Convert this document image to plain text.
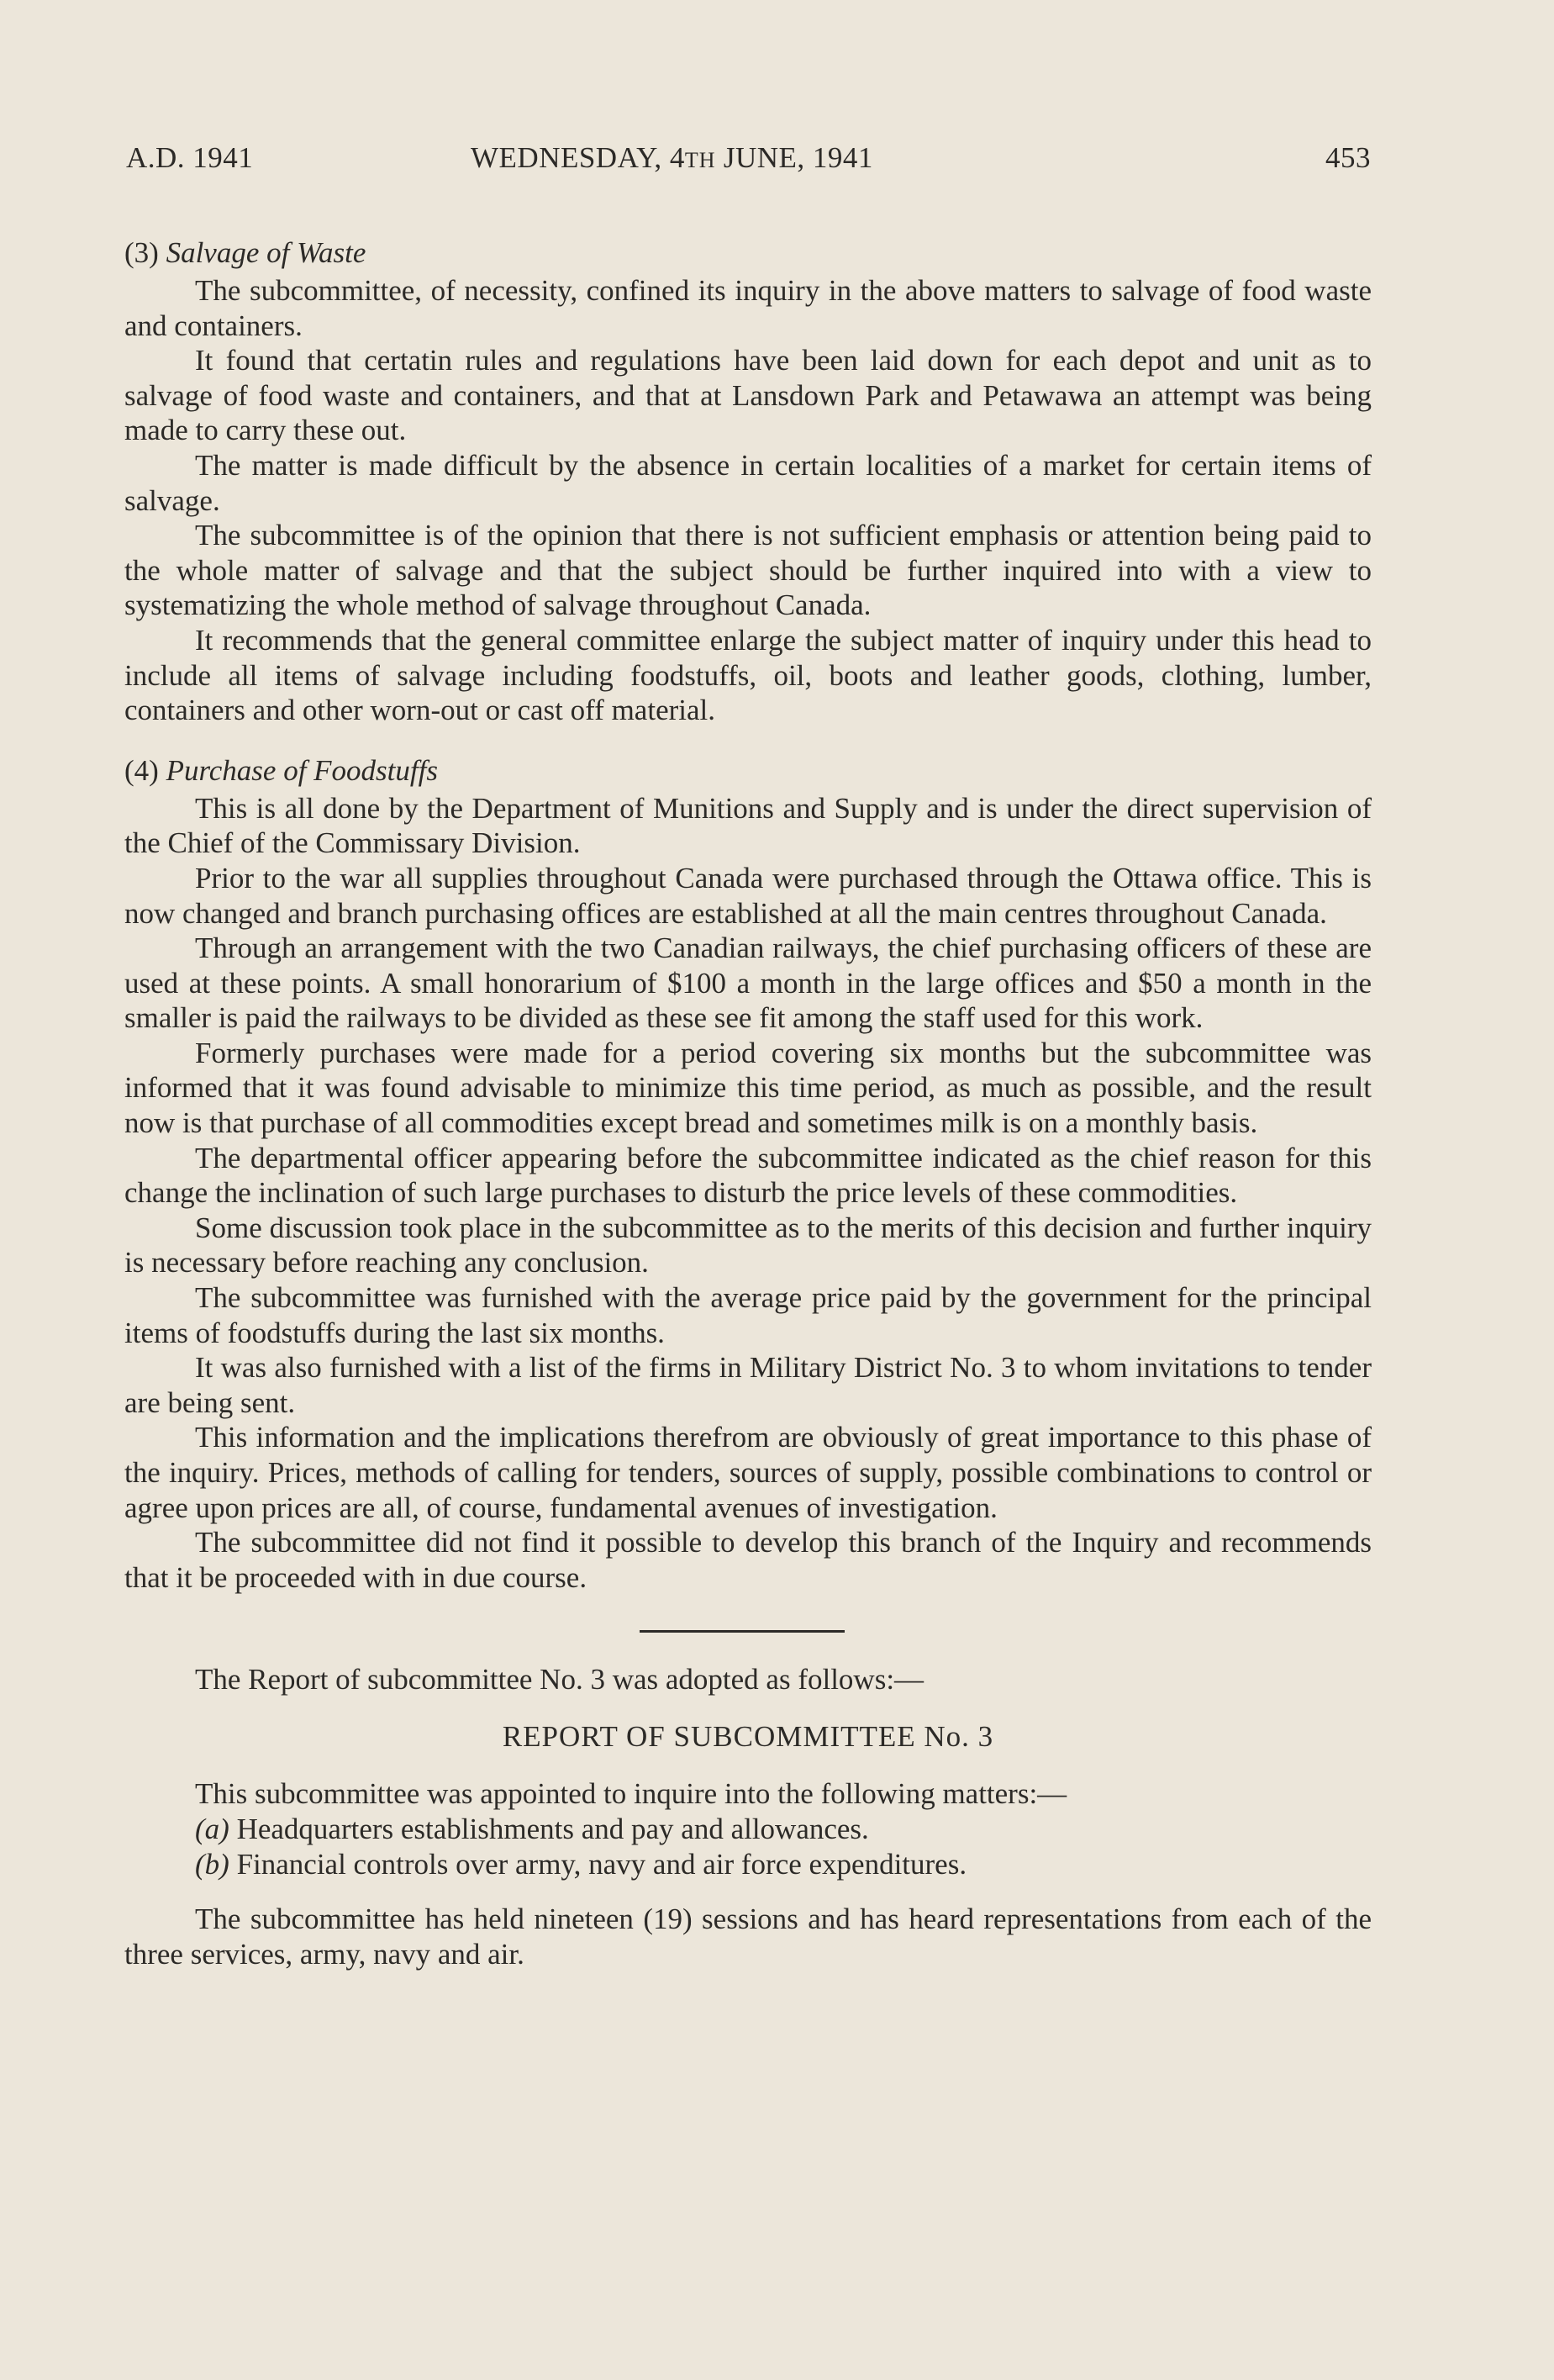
A.D. 1941	WEDNESDAY, 4TH JUNE, 1941	453
(3) Salvage of Waste

The subcommittee, of necessity, confined its inquiry in the above matters to salvage of food waste and containers.

It found that certatin rules and regulations have been laid down for each depot and unit as to salvage of food waste and containers, and that at Lansdown Park and Petawawa an attempt was being made to carry these out.

The matter is made difficult by the absence in certain localities of a market for certain items of salvage.

The subcommittee is of the opinion that there is not sufficient emphasis or attention being paid to the whole matter of salvage and that the subject should be further inquired into with a view to systematizing the whole method of salvage throughout Canada.

It recommends that the general committee enlarge the subject matter of inquiry under this head to include all items of salvage including foodstuffs, oil, boots and leather goods, clothing, lumber, containers and other worn-out or cast off material.

(4) Purchase of Foodstuffs

This is all done by the Department of Munitions and Supply and is under the direct supervision of the Chief of the Commissary Division.

Prior to the war all supplies throughout Canada were purchased through the Ottawa office. This is now changed and branch purchasing offices are established at all the main centres throughout Canada.

Through an arrangement with the two Canadian railways, the chief purchasing officers of these are used at these points. A small honorarium of $100 a month in the large offices and $50 a month in the smaller is paid the railways to be divided as these see fit among the staff used for this work.

Formerly purchases were made for a period covering six months but the subcommittee was informed that it was found advisable to minimize this time period, as much as possible, and the result now is that purchase of all commodities except bread and sometimes milk is on a monthly basis.

The departmental officer appearing before the subcommittee indicated as the chief reason for this change the inclination of such large purchases to disturb the price levels of these commodities.

Some discussion took place in the subcommittee as to the merits of this decision and further inquiry is necessary before reaching any conclusion.

The subcommittee was furnished with the average price paid by the government for the principal items of foodstuffs during the last six months.

It was also furnished with a list of the firms in Military District No. 3 to whom invitations to tender are being sent.

This information and the implications therefrom are obviously of great importance to this phase of the inquiry. Prices, methods of calling for tenders, sources of supply, possible combinations to control or agree upon prices are all, of course, fundamental avenues of investigation.

The subcommittee did not find it possible to develop this branch of the Inquiry and recommends that it be proceeded with in due course.

The Report of subcommittee No. 3 was adopted as follows:—
REPORT OF SUBCOMMITTEE No. 3

This subcommittee was appointed to inquire into the following matters:—

(a) Headquarters establishments and pay and allowances.
(b) Financial controls over army, navy and air force expenditures.

The subcommittee has held nineteen (19) sessions and has heard representations from each of the three services, army, navy and air.
